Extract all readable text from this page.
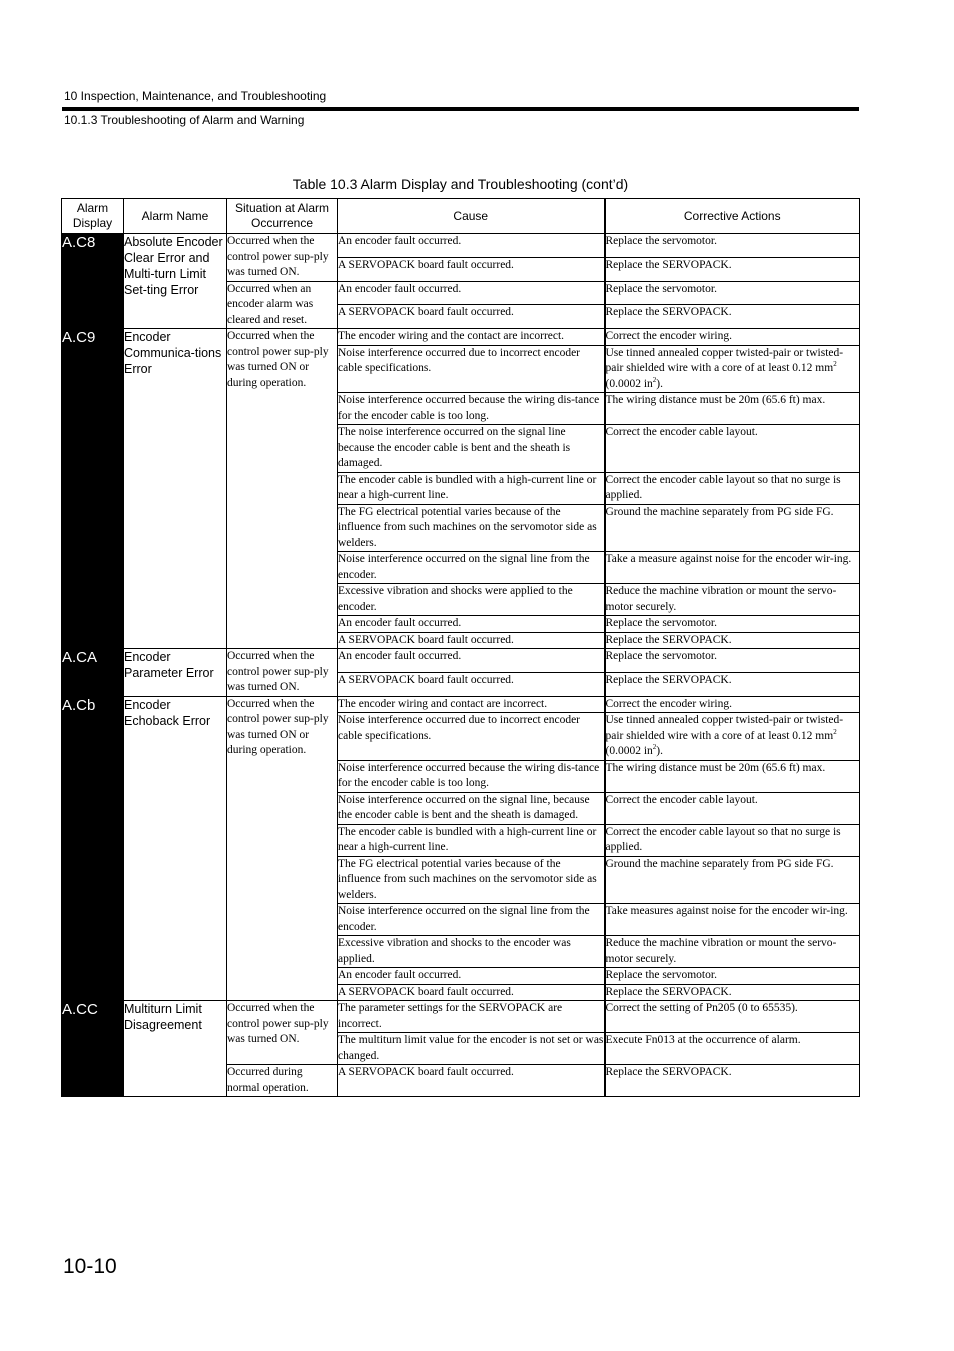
10 Inspection, Maintenance, and Troubleshooting
10.1.3 Troubleshooting of Alarm and Warning
Table 10.3 Alarm Display and Troubleshooting (cont’d)
Alarm Display	Alarm Name	Situation at Alarm Occurrence	Cause	Corrective Actions
A.C8	Absolute Encoder Clear Error and Multi-turn Limit Set-ting Error	Occurred when the control power sup-ply was turned ON.	An encoder fault occurred.	Replace the servomotor.
			A SERVOPACK board fault occurred.	Replace the SERVOPACK.
		Occurred when an encoder alarm was cleared and reset.	An encoder fault occurred.	Replace the servomotor.
			A SERVOPACK board fault occurred.	Replace the SERVOPACK.
A.C9	Encoder Communica-tions Error	Occurred when the control power sup-ply was turned ON or during operation.	The encoder wiring and the contact are incorrect.	Correct the encoder wiring.
			Noise interference occurred due to incorrect encoder cable specifications.	Use tinned annealed copper twisted-pair or twisted-pair shielded wire with a core of at least 0.12 $mm^2$ (0.0002 $in^2$).
			Noise interference occurred because the wiring dis-tance for the encoder cable is too long.	The wiring distance must be 20m (65.6 ft) max.
			The noise interference occurred on the signal line because the encoder cable is bent and the sheath is damaged.	Correct the encoder cable layout.
			The encoder cable is bundled with a high-current line or near a high-current line.	Correct the encoder cable layout so that no surge is applied.
			The FG electrical potential varies because of the influence from such machines on the servomotor side as welders.	Ground the machine separately from PG side FG.
			Noise interference occurred on the signal line from the encoder.	Take a measure against noise for the encoder wir-ing.
			Excessive vibration and shocks were applied to the encoder.	Reduce the machine vibration or mount the servo-motor securely.
			An encoder fault occurred.	Replace the servomotor.
			A SERVOPACK board fault occurred.	Replace the SERVOPACK.
A.CA	Encoder Parameter Error	Occurred when the control power sup-ply was turned ON.	An encoder fault occurred.	Replace the servomotor.
			A SERVOPACK board fault occurred.	Replace the SERVOPACK.
A.Cb	Encoder Echoback Error	Occurred when the control power sup-ply was turned ON or during operation.	The encoder wiring and contact are incorrect.	Correct the encoder wiring.
			Noise interference occurred due to incorrect encoder cable specifications.	Use tinned annealed copper twisted-pair or twisted-pair shielded wire with a core of at least 0.12 $mm^2$ (0.0002 $in^2$).
			Noise interference occurred because the wiring dis-tance for the encoder cable is too long.	The wiring distance must be 20m (65.6 ft) max.
			Noise interference occurred on the signal line, because the encoder cable is bent and the sheath is damaged.	Correct the encoder cable layout.
			The encoder cable is bundled with a high-current line or near a high-current line.	Correct the encoder cable layout so that no surge is applied.
			The FG electrical potential varies because of the influence from such machines on the servomotor side as welders.	Ground the machine separately from PG side FG.
			Noise interference occurred on the signal line from the encoder.	Take measures against noise for the encoder wir-ing.
			Excessive vibration and shocks to the encoder was applied.	Reduce the machine vibration or mount the servo-motor securely.
			An encoder fault occurred.	Replace the servomotor.
			A SERVOPACK board fault occurred.	Replace the SERVOPACK.
A.CC	Multiturn Limit Disagreement	Occurred when the control power sup-ply was turned ON.	The parameter settings for the SERVOPACK are incorrect.	Correct the setting of Pn205 (0 to 65535).
			The multiturn limit value for the encoder is not set or was changed.	Execute Fn013 at the occurrence of alarm.
		Occurred during normal operation.	A SERVOPACK board fault occurred.	Replace the SERVOPACK.
10-10
